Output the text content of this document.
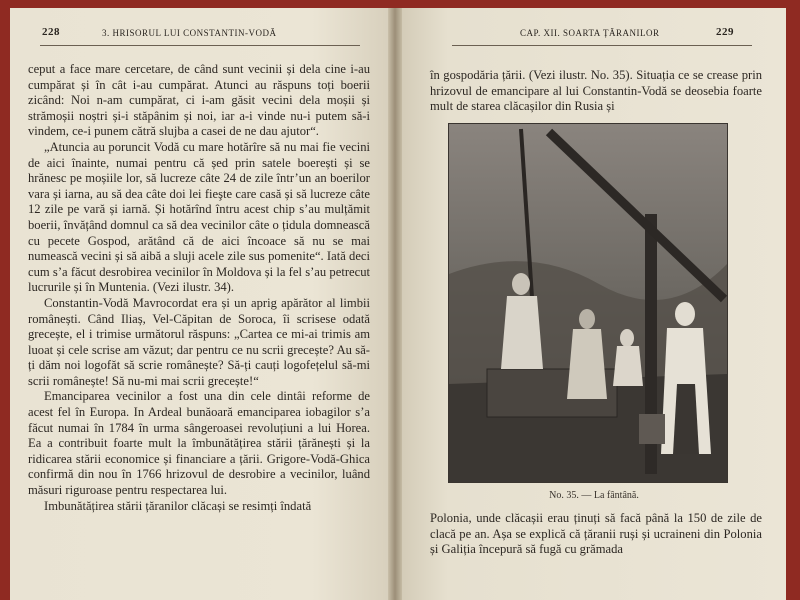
228	3. HRISORUL LUI CONSTANTIN-VODĂ

ceput a face mare cercetare, de când sunt vecinii și dela cine i-au cumpărat și în cât i-au cumpărat. Atunci au răspuns toți boerii zicând: Noi n-am cumpărat, ci i-am găsit vecini dela moșii și strămoșii noștri și-i stăpânim și noi, iar a-i vinde nu-i putem să-i vindem, ce-i punem cătră slujba a casei de ne dau ajutor“.

„Atuncia au poruncit Vodă cu mare hotărîre să nu mai fie vecini de aici înainte, numai pentru că șed prin satele boerești și se hrănesc pe moșiile lor, să lucreze câte 24 de zile într’un an boerilor vara și iarna, au să dea câte doi lei fieşte care casă și să lucreze câte 12 zile pe vară și iarnă. Și hotărînd întru acest chip s’au mulțămit boerii, învățând domnul ca să dea vecinilor câte o țidula domnească cu pecete Gospod, arătând că de aici încoace să nu se mai numească vecini și să aibă a sluji acele zile sus pomenite“. Iată deci cum s’a făcut desrobirea vecinilor în Moldova și la fel s’au petrecut lucrurile și în Muntenia. (Vezi ilustr. 34).

Constantin-Vodă Mavrocordat era și un aprig apărător al limbii românești. Când Iliaș, Vel-Căpitan de Soroca, îi scrisese odată grecește, el i trimise următorul răspuns: „Cartea ce mi-ai trimis am luoat și cele scrise am văzut; dar pentru ce nu scrii grecește? Au să-ți dăm noi logofăt să scrie românește? Să-ți cauți logofețelul să-mi scrii românește! Să nu-mi mai scrii grecește!“

Emanciparea vecinilor a fost una din cele dintâi reforme de acest fel în Europa. In Ardeal bunăoară emanciparea iobagilor s’a făcut numai în 1784 în urma sângeroasei revoluțiuni a lui Horea. Ea a contribuit foarte mult la îmbunătățirea stării țărănești și la ridicarea stării economice și financiare a țării. Grigore-Vodă-Ghica confirmă din nou în 1766 hrizovul de desrobire a vecinilor, luând măsuri riguroase pentru respectarea lui.

Imbunătățirea stării țăranilor clăcași se resimți îndată

CAP. XII. SOARTA ȚĂRANILOR	229

în gospodăria țării. (Vezi ilustr. No. 35). Situația ce se crease prin hrizovul de emancipare al lui Constantin-Vodă se deosebia foarte mult de starea clăcașilor din Rusia și

No. 35. — La fântână.

Polonia, unde clăcașii erau ținuți să facă până la 150 de zile de clacă pe an. Așa se explică că țăranii ruși și ucraineni din Polonia și Galiția începură să fugă cu grămada
